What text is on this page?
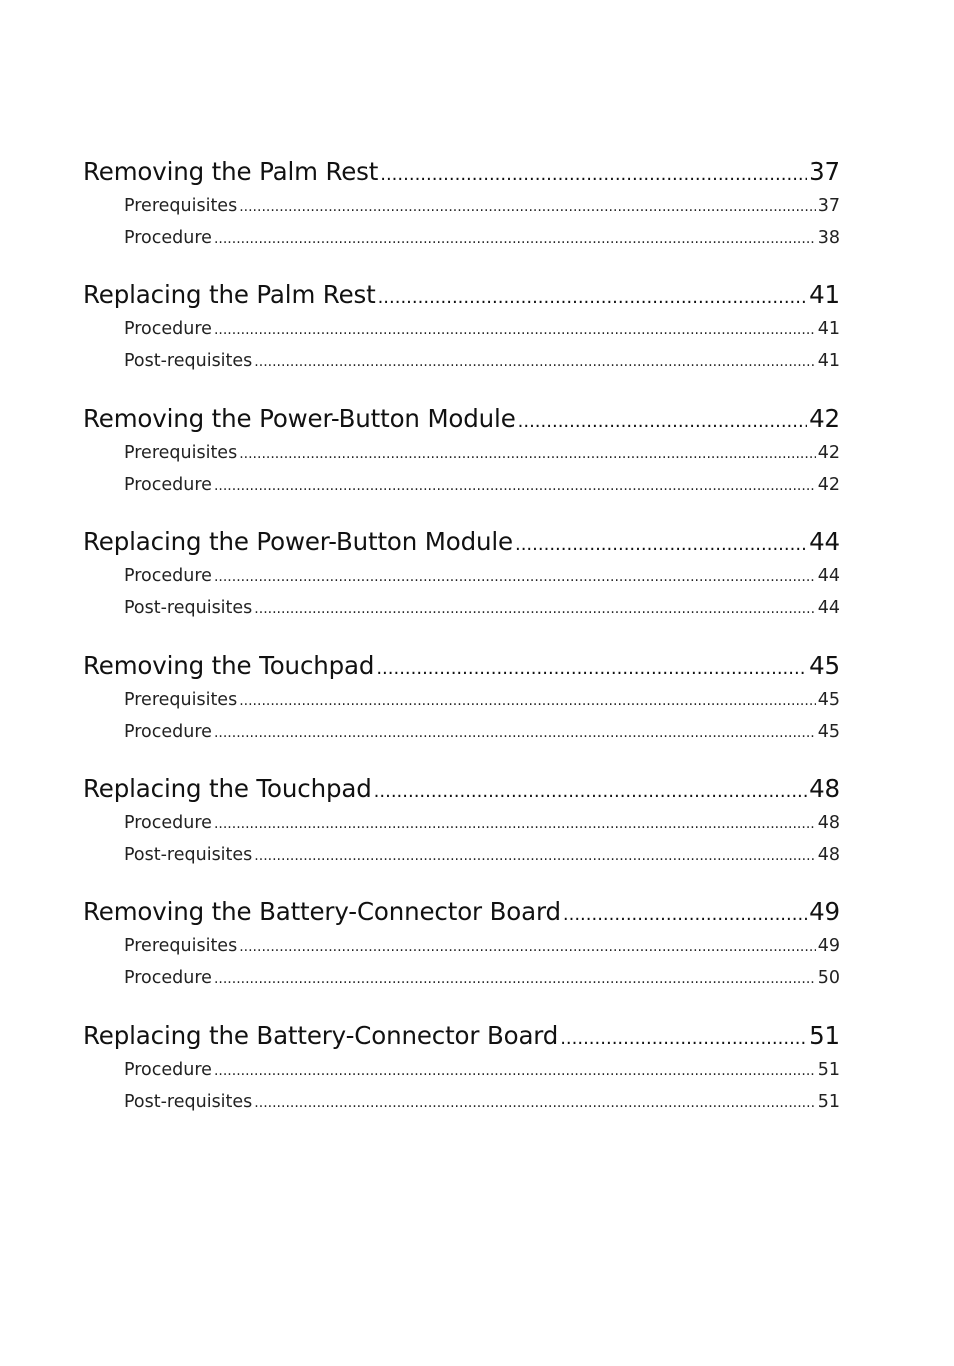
Removing the Palm Rest .....	37
Prerequisites .....	37
Procedure .....	38
Replacing the Palm Rest .....	41
Procedure .....	41
Post-requisites .....	41
Removing the Power-Button Module .....	42
Prerequisites .....	42
Procedure .....	42
Replacing the Power-Button Module .....	44
Procedure .....	44
Post-requisites .....	44
Removing the Touchpad .....	45
Prerequisites .....	45
Procedure .....	45
Replacing the Touchpad .....	48
Procedure .....	48
Post-requisites .....	48
Removing the Battery-Connector Board .....	49
Prerequisites .....	49
Procedure .....	50
Replacing the Battery-Connector Board .....	51
Procedure .....	51
Post-requisites .....	51
